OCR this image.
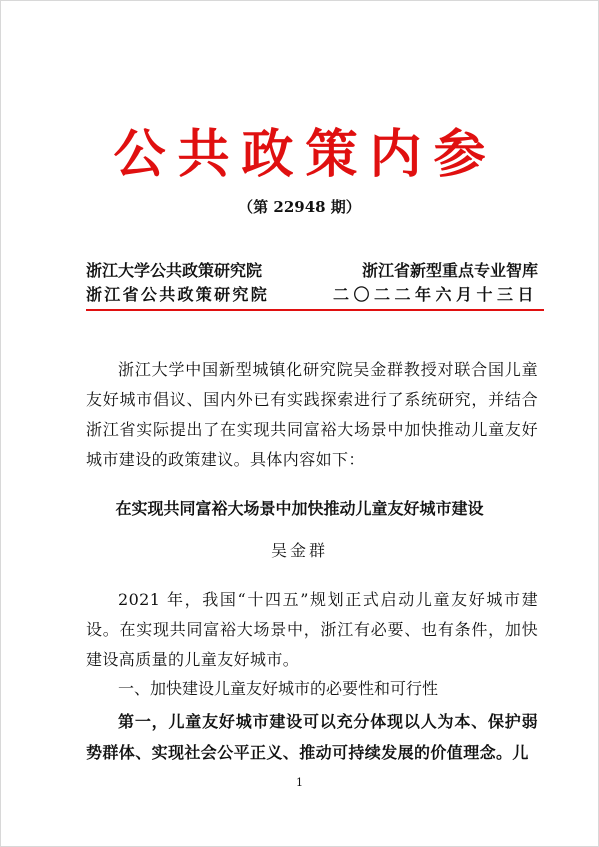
公共政策内参
（第 22948 期）
浙江大学公共政策研究院	浙江省新型重点专业智库
浙江省公共政策研究院	二〇二二年六月十三日
浙江大学中国新型城镇化研究院吴金群教授对联合国儿童友好城市倡议、国内外已有实践探索进行了系统研究，并结合浙江省实际提出了在实现共同富裕大场景中加快推动儿童友好城市建设的政策建议。具体内容如下：
在实现共同富裕大场景中加快推动儿童友好城市建设
吴金群
2021 年，我国“十四五”规划正式启动儿童友好城市建设。在实现共同富裕大场景中，浙江有必要、也有条件，加快建设高质量的儿童友好城市。
一、加快建设儿童友好城市的必要性和可行性
第一，儿童友好城市建设可以充分体现以人为本、保护弱势群体、实现社会公平正义、推动可持续发展的价值理念。儿
1
